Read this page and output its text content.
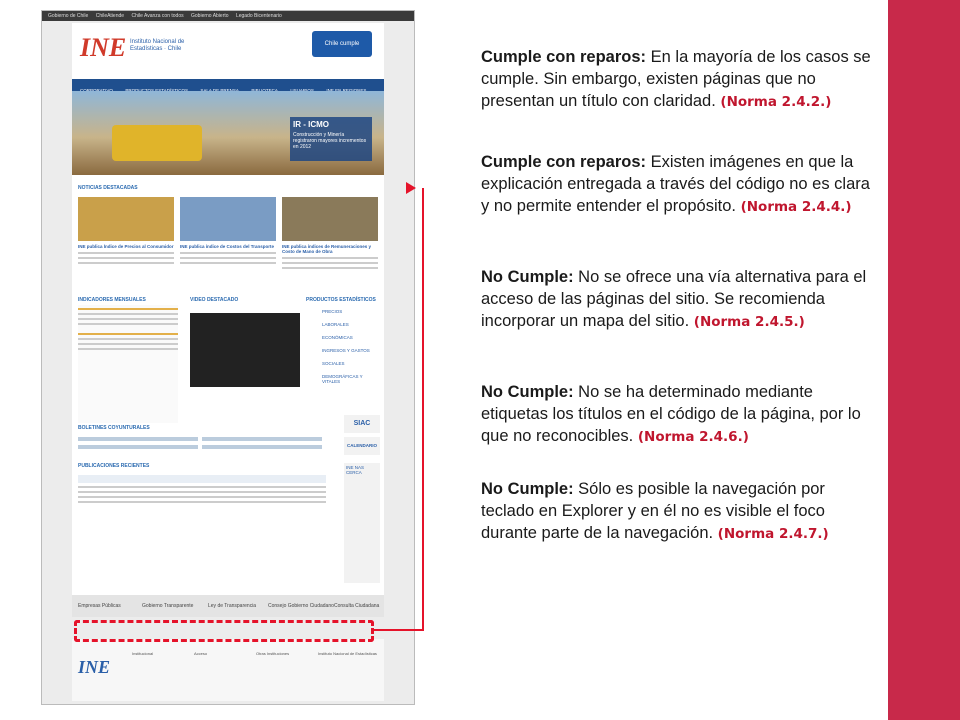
Gobierno de Chile ChileAtiende Chile Avanza con todos Gobierno Abierto Legado Bicentenario
INE Instituto Nacional de Estadísticas · Chile
Chile cumple

IR - ICMO
Construcción y Minería registraron mayores incrementos en 2012
NOTICIAS DESTACADAS
INE publica Índice de Precios al Consumidor INE publica índice de Costos del Transporte	INE publica índices de Remuneraciones y Costo de Mano de Obra
INDICADORES MENSUALES	VIDEO DESTACADO	PRODUCTOS ESTADÍSTICOS
PRECIOS
LABORALES
ECONÓMICAS
INGRESOS Y GASTOS
SOCIALES
DEMOGRÁFICAS Y VITALES
BOLETINES COYUNTURALES
PUBLICACIONES RECIENTES
SIAC
CALENDARIO
INE NAS CERCA
Empresas Públicas	Gobierno Transparente	Ley de Transparencia Consejo Gobierno Ciudadano Consulta Ciudadana
INE
Institucional	Acceso	Otras Instituciones	Instituto Nacional de Estadísticas
Cumple con reparos: En la mayoría de los casos se cumple. Sin embargo, existen páginas que no presentan un título con claridad. (Norma 2.4.2.)
Cumple con reparos: Existen imágenes en que la explicación entregada a través del código no es clara y no permite entender el propósito. (Norma 2.4.4.)
No Cumple: No se ofrece una vía alternativa para el acceso de las páginas del sitio. Se recomienda incorporar un mapa del sitio. (Norma 2.4.5.)
No Cumple: No se ha determinado mediante etiquetas los títulos en el código de la página, por lo que no reconocibles. (Norma 2.4.6.)
No Cumple: Sólo es posible la navegación por teclado en Explorer y en él no es visible el foco durante parte de la navegación. (Norma 2.4.7.)
